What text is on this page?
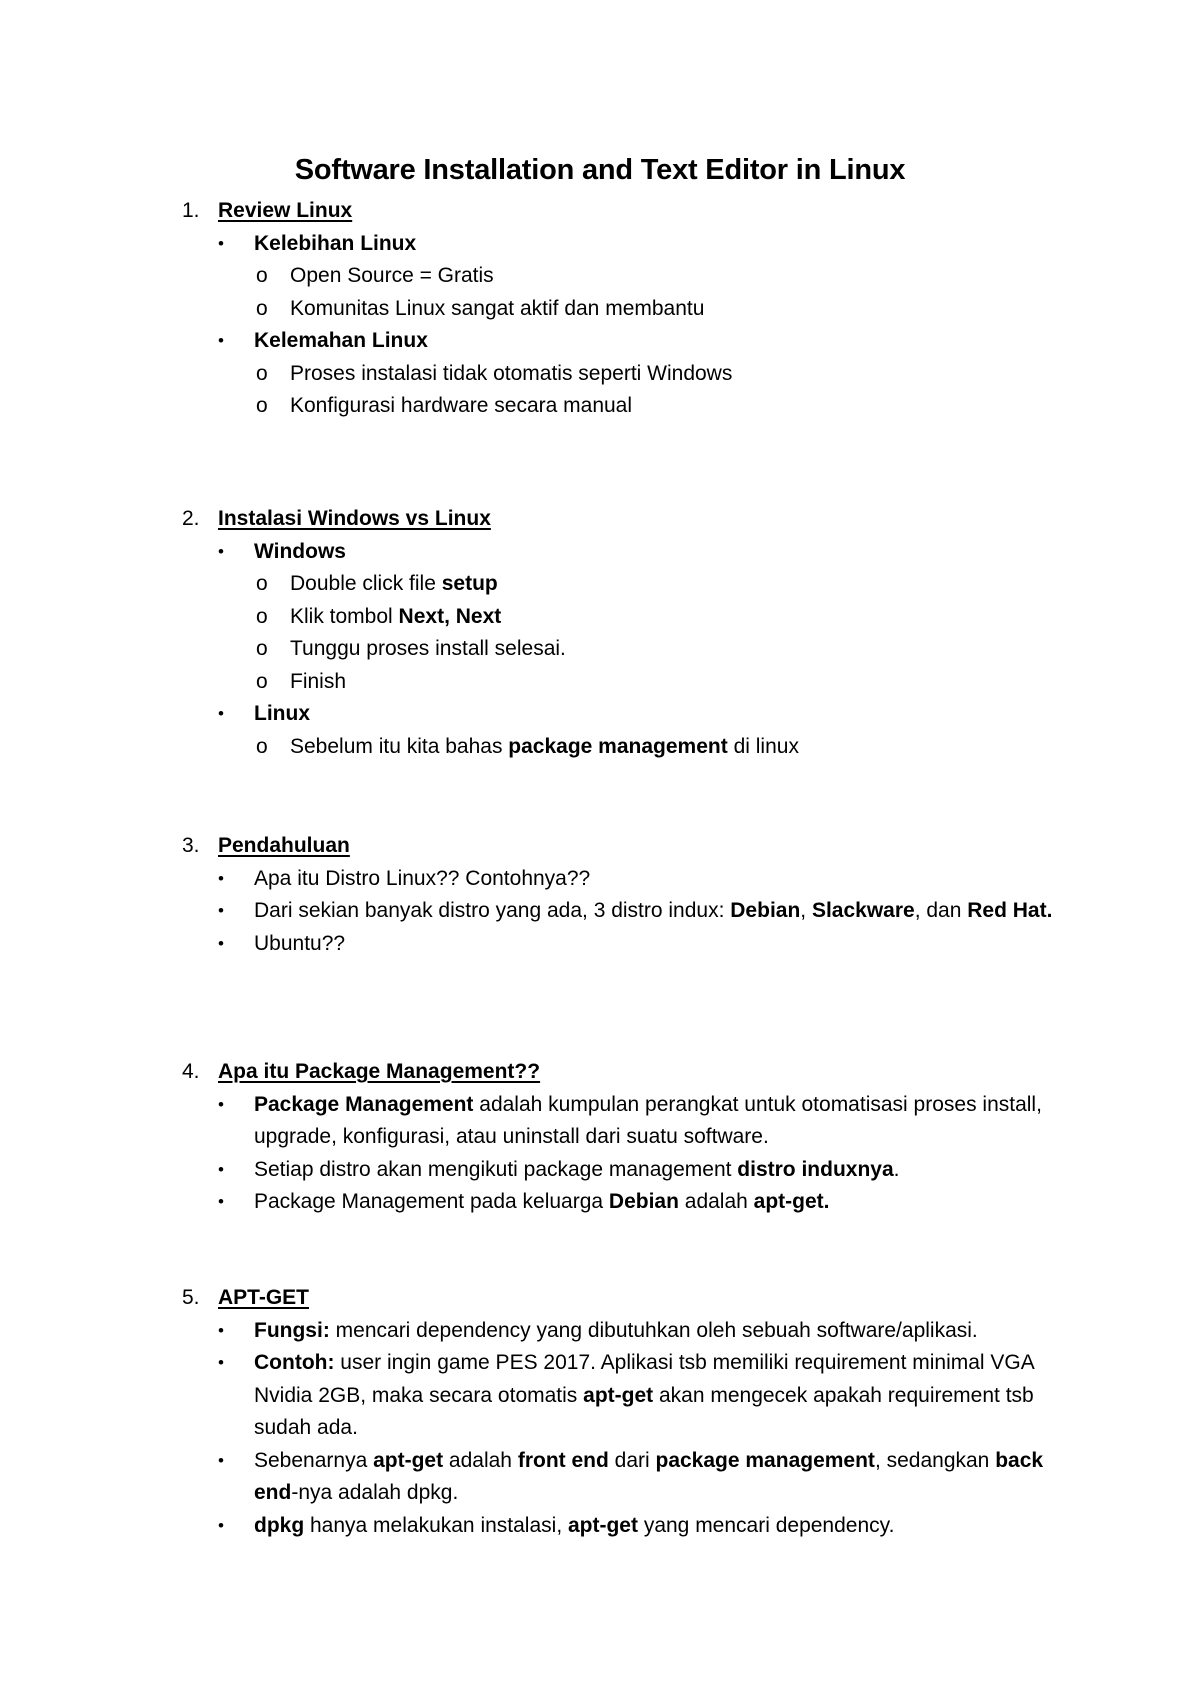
Software Installation and Text Editor in Linux
1. Review Linux
• Kelebihan Linux
o Open Source = Gratis
o Komunitas Linux sangat aktif dan membantu
• Kelemahan Linux
o Proses instalasi tidak otomatis seperti Windows
o Konfigurasi hardware secara manual
2. Instalasi Windows vs Linux
• Windows
o Double click file setup
o Klik tombol Next, Next
o Tunggu proses install selesai.
o Finish
• Linux
o Sebelum itu kita bahas package management di linux
3. Pendahuluan
• Apa itu Distro Linux?? Contohnya??
• Dari sekian banyak distro yang ada, 3 distro indux: Debian, Slackware, dan Red Hat.
• Ubuntu??
4. Apa itu Package Management??
• Package Management adalah kumpulan perangkat untuk otomatisasi proses install, upgrade, konfigurasi, atau uninstall dari suatu software.
• Setiap distro akan mengikuti package management distro induxnya.
• Package Management pada keluarga Debian adalah apt-get.
5. APT-GET
• Fungsi: mencari dependency yang dibutuhkan oleh sebuah software/aplikasi.
• Contoh: user ingin game PES 2017. Aplikasi tsb memiliki requirement minimal VGA Nvidia 2GB, maka secara otomatis apt-get akan mengecek apakah requirement tsb sudah ada.
• Sebenarnya apt-get adalah front end dari package management, sedangkan back end-nya adalah dpkg.
• dpkg hanya melakukan instalasi, apt-get yang mencari dependency.
